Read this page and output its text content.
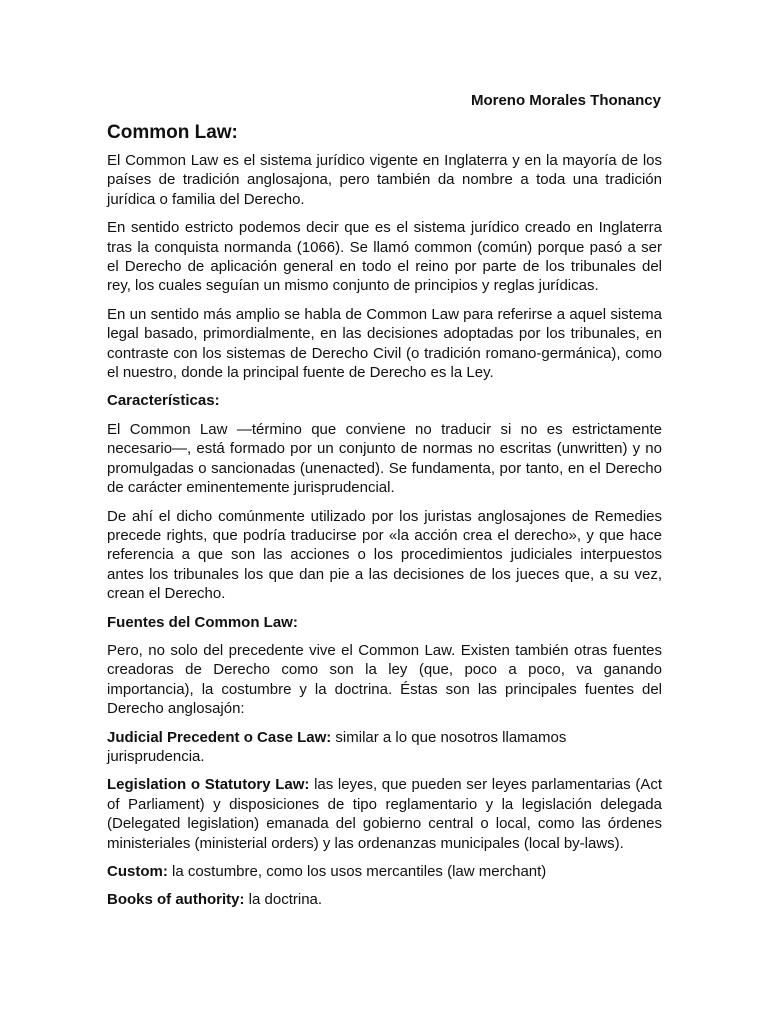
Moreno Morales Thonancy
Common Law:

El Common Law es el sistema jurídico vigente en Inglaterra y en la mayoría de los países de tradición anglosajona, pero también da nombre a toda una tradición jurídica o familia del Derecho.

En sentido estricto podemos decir que es el sistema jurídico creado en Inglaterra tras la conquista normanda (1066). Se llamó common (común) porque pasó a ser el Derecho de aplicación general en todo el reino por parte de los tribunales del rey, los cuales seguían un mismo conjunto de principios y reglas jurídicas.

En un sentido más amplio se habla de Common Law para referirse a aquel sistema legal basado, primordialmente, en las decisiones adoptadas por los tribunales, en contraste con los sistemas de Derecho Civil (o tradición romano-germánica), como el nuestro, donde la principal fuente de Derecho es la Ley.

Características:

El Common Law —término que conviene no traducir si no es estrictamente necesario—, está formado por un conjunto de normas no escritas (unwritten) y no promulgadas o sancionadas (unenacted). Se fundamenta, por tanto, en el Derecho de carácter eminentemente jurisprudencial.

De ahí el dicho comúnmente utilizado por los juristas anglosajones de Remedies precede rights, que podría traducirse por «la acción crea el derecho», y que hace referencia a que son las acciones o los procedimientos judiciales interpuestos antes los tribunales los que dan pie a las decisiones de los jueces que, a su vez, crean el Derecho.

Fuentes del Common Law:

Pero, no solo del precedente vive el Common Law. Existen también otras fuentes creadoras de Derecho como son la ley (que, poco a poco, va ganando importancia), la costumbre y la doctrina. Éstas son las principales fuentes del Derecho anglosajón:

Judicial Precedent o Case Law: similar a lo que nosotros llamamos jurisprudencia.

Legislation o Statutory Law: las leyes, que pueden ser leyes parlamentarias (Act of Parliament) y disposiciones de tipo reglamentario y la legislación delegada (Delegated legislation) emanada del gobierno central o local, como las órdenes ministeriales (ministerial orders) y las ordenanzas municipales (local by-laws).

Custom: la costumbre, como los usos mercantiles (law merchant)

Books of authority: la doctrina.
